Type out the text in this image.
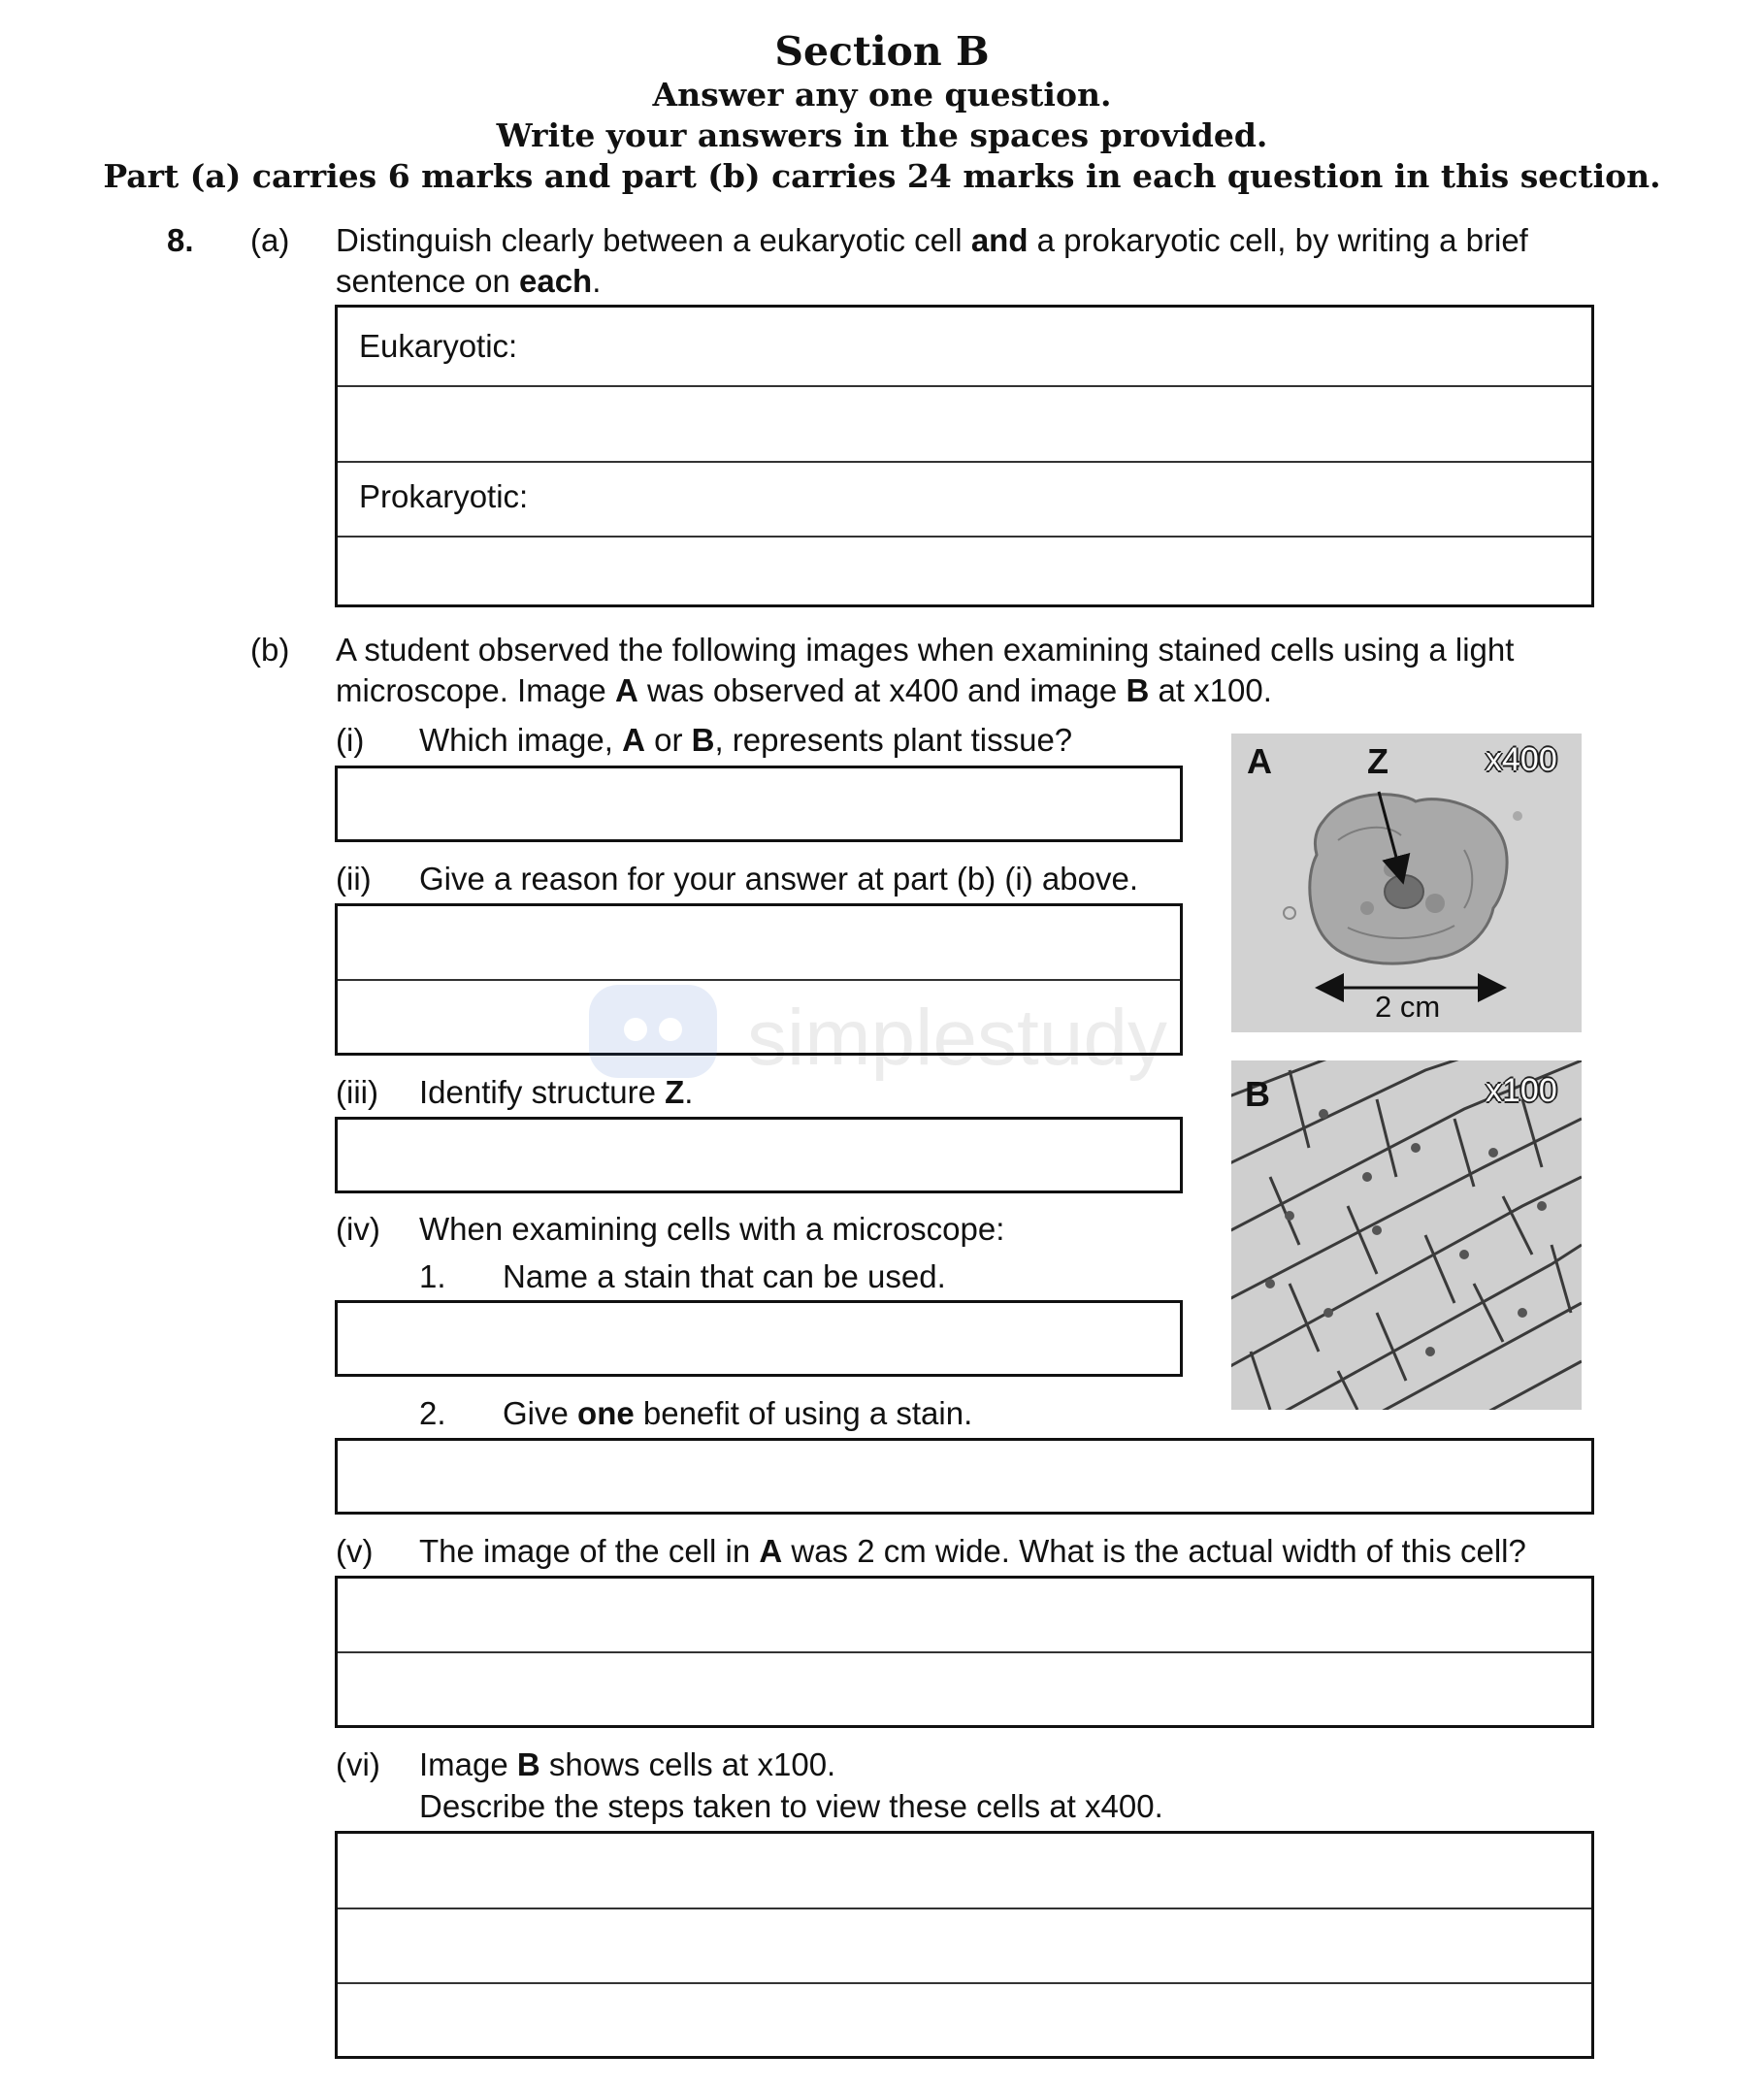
Section B
Answer any one question.
Write your answers in the spaces provided.
Part (a) carries 6 marks and part (b) carries 24 marks in each question in this section.
8. (a) Distinguish clearly between a eukaryotic cell and a prokaryotic cell, by writing a brief
sentence on each.
Eukaryotic:
Prokaryotic:
(b) A student observed the following images when examining stained cells using a light
microscope. Image A was observed at x400 and image B at x100.
(i) Which image, A or B, represents plant tissue?
(ii) Give a reason for your answer at part (b) (i) above.
simplestudy
(iii) Identify structure Z.
(iv) When examining cells with a microscope:
1. Name a stain that can be used.
2. Give one benefit of using a stain.
(v) The image of the cell in A was 2 cm wide. What is the actual width of this cell?
(vi) Image B shows cells at x100.
Describe the steps taken to view these cells at x400.
A	Z	x400
2 cm
B	x100
